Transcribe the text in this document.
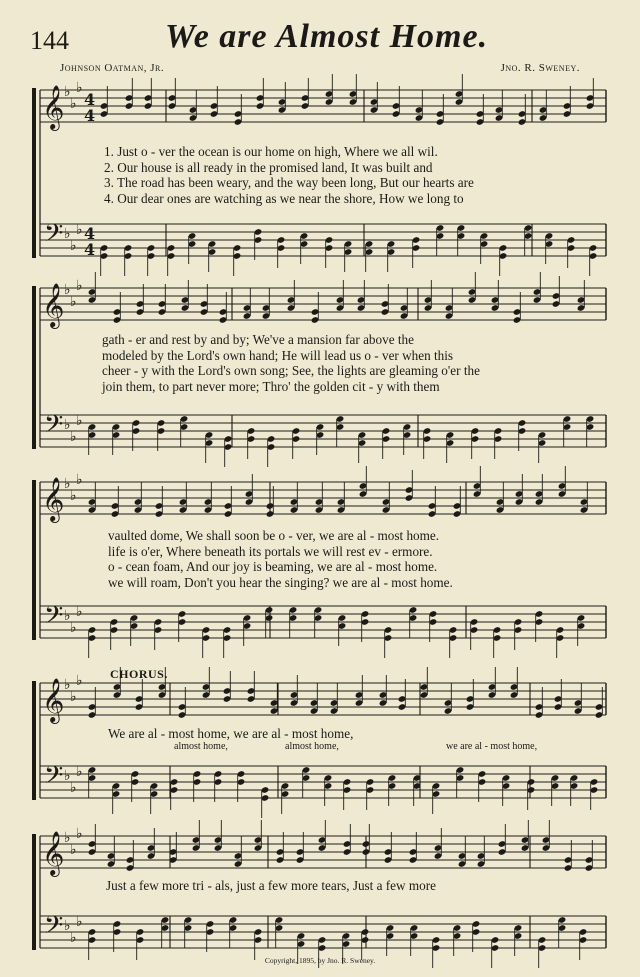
144	We are Almost Home.
Johnson Oatman, Jr.	Jno. R. Sweney.
𝄞
𝄢
♭
♭
♭
♭
♭
♭
4
4
4
4
𝄞
𝄢
♭
♭
♭
♭
♭
♭
𝄞
𝄢
♭
♭
♭
♭
♭
♭
𝄞
𝄢
♭
♭
♭
♭
♭
♭
𝄞
𝄢
♭
♭
♭
♭
♭
♭
1. Just o - ver the ocean is our home on high, Where we all wil.
2. Our house is all ready in the promised land, It was built and
3. The road has been weary, and the way been long, But our hearts are
4. Our dear ones are watching as we near the shore, How we long to
gath - er and rest by and by; We've a mansion far above the
modeled by the Lord's own hand; He will lead us o - ver when this
cheer - y with the Lord's own song; See, the lights are gleaming o'er the
join them, to part never more; Thro' the golden cit - y with them
vaulted dome, We shall soon be o - ver, we are al - most home.
life is o'er, Where beneath its portals we will rest ev - ermore.
o - cean foam, And our joy is beaming, we are al - most home.
we will roam, Don't you hear the singing? we are al - most home.
CHORUS.
We are al - most home, we are al - most home,
almost home,	almost home,	we are al - most home,
Just a few more tri - als, just a few more tears, Just a few more
Copyright, 1895, by Jno. R. Sweney.
